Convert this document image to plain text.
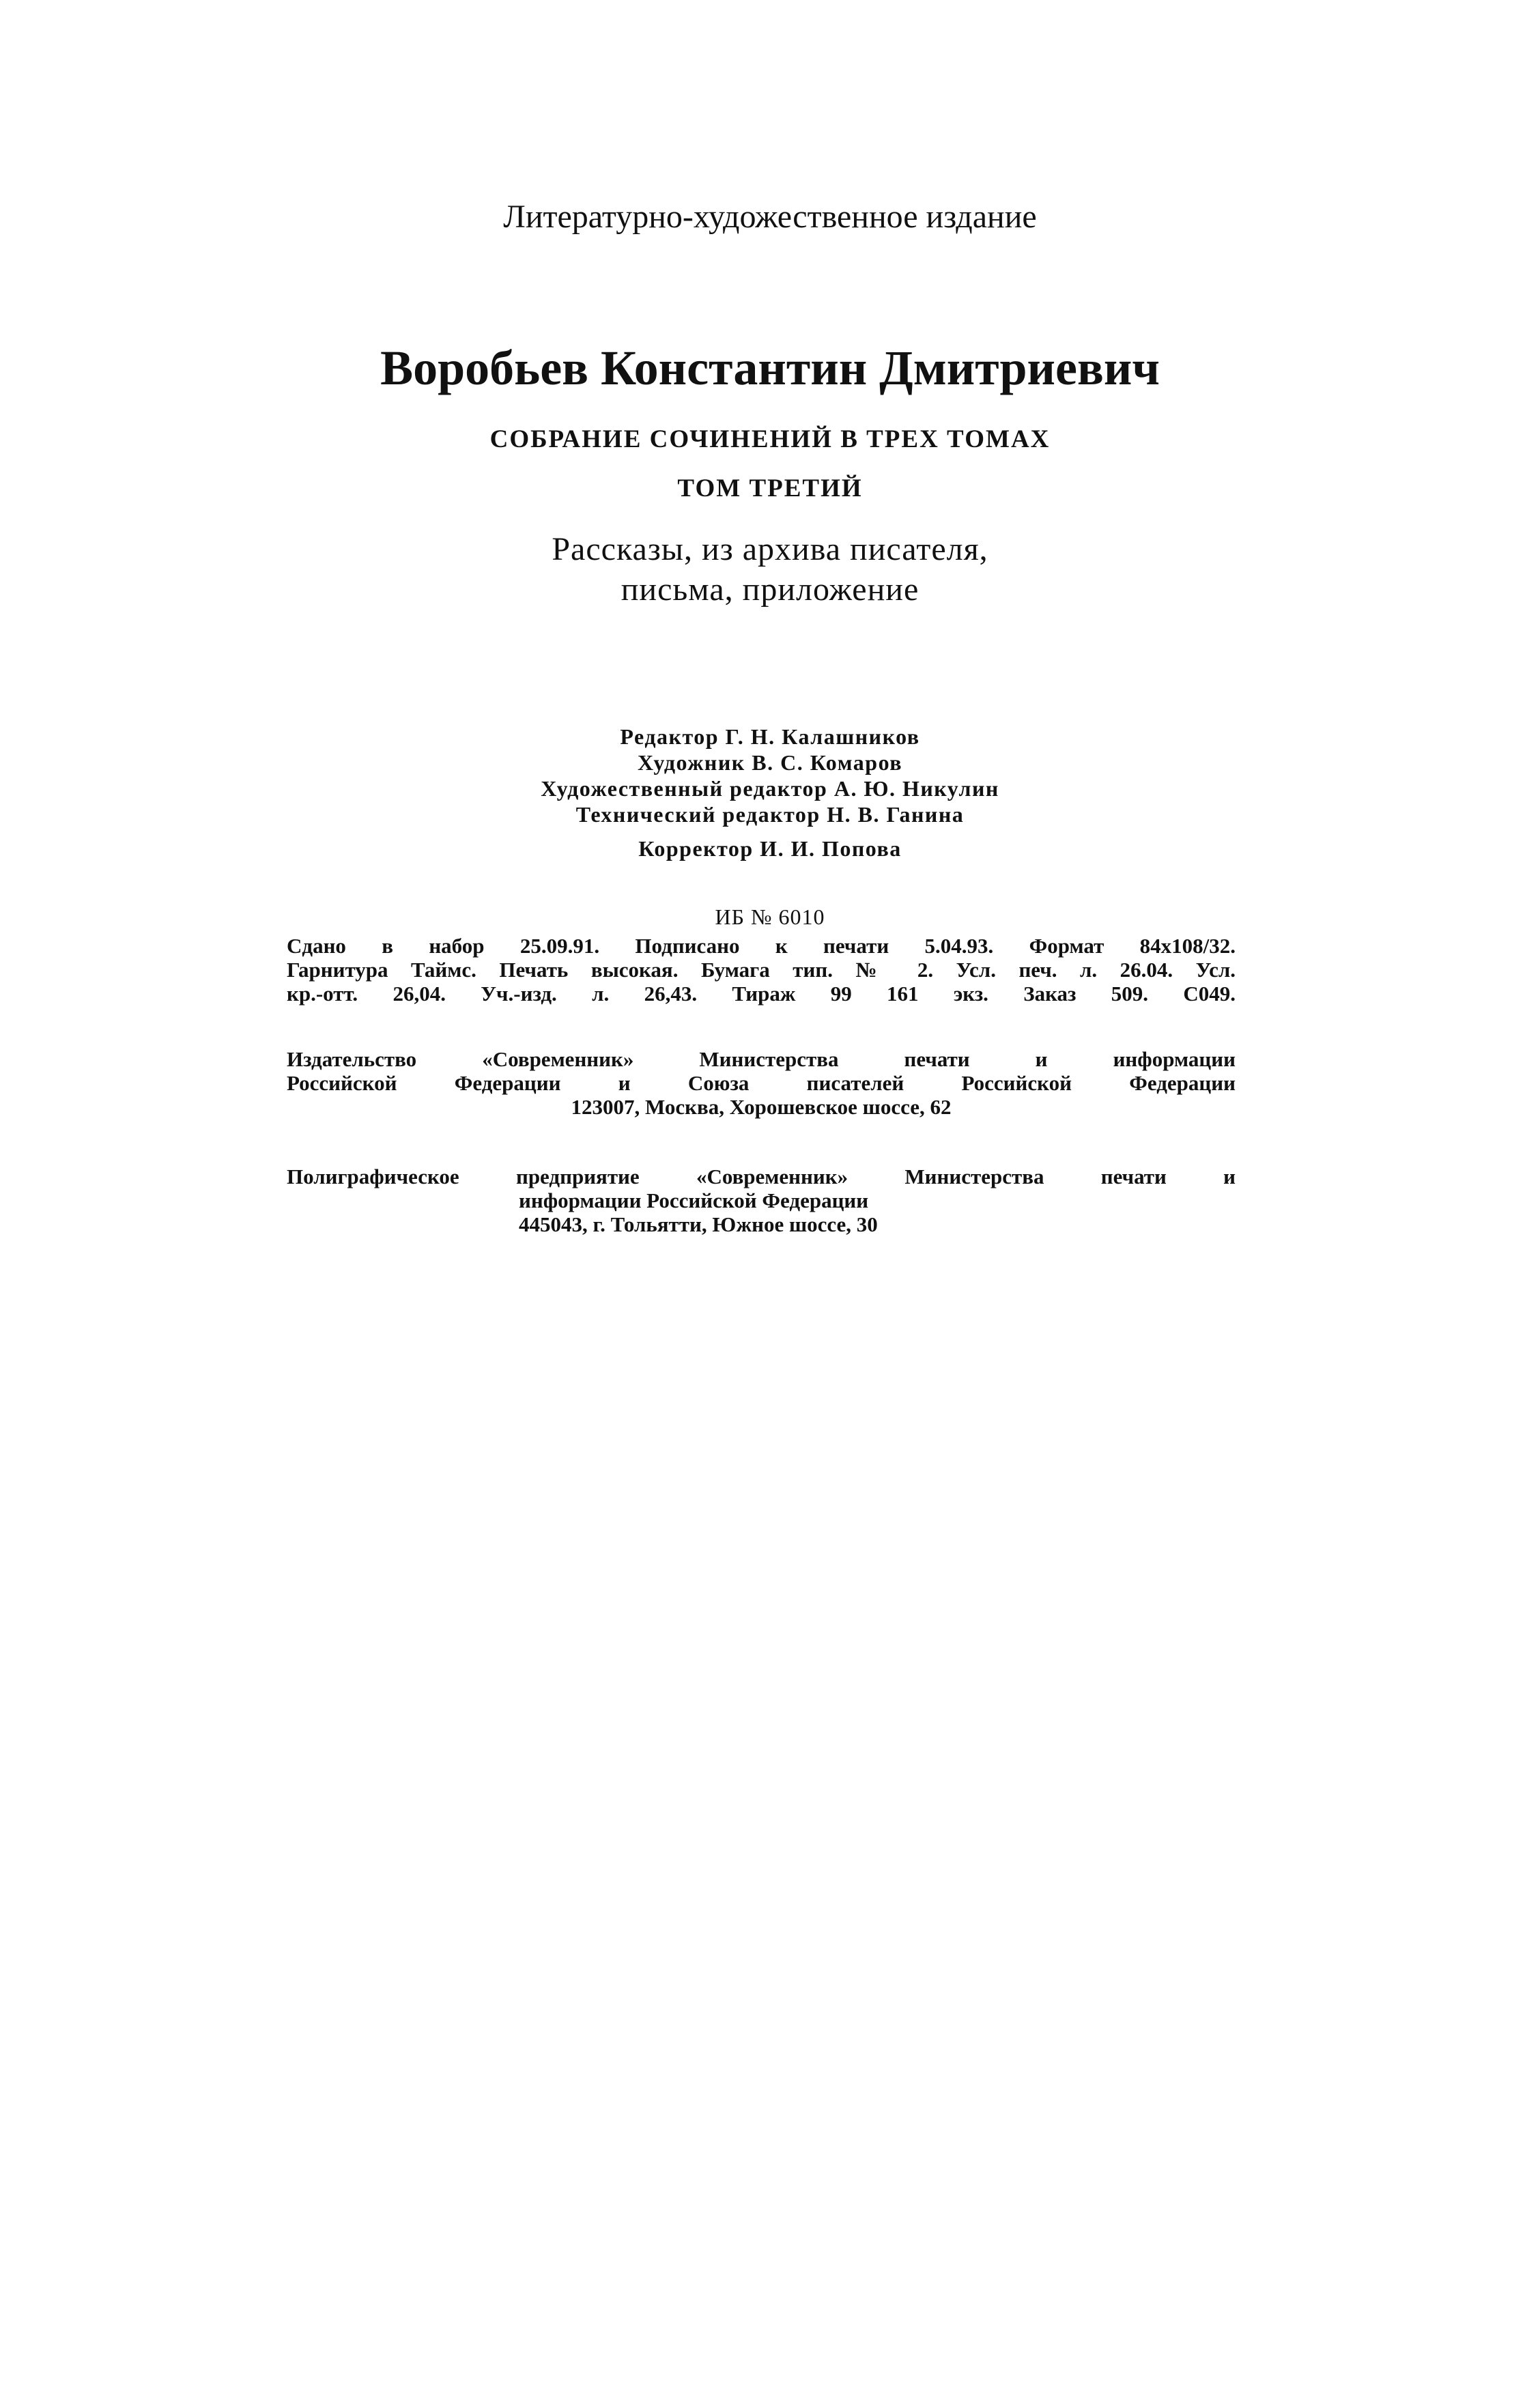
Литературно-художественное издание
Воробьев Константин Дмитриевич
СОБРАНИЕ СОЧИНЕНИЙ В ТРЕХ ТОМАХ
ТОМ ТРЕТИЙ
Рассказы, из архива писателя,
письма, приложение
Редактор Г. Н. Калашников
Художник В. С. Комаров
Художественный редактор А. Ю. Никулин
Технический редактор Н. В. Ганина
Корректор И. И. Попова
ИБ № 6010
Сдано в набор 25.09.91. Подписано к печати 5.04.93. Формат 84х108/32.
Гарнитура Таймс. Печать высокая. Бумага тип. № 2. Усл. печ. л. 26.04. Усл.
кр.-отт. 26,04. Уч.-изд. л. 26,43. Тираж 99 161 экз. Заказ 509. С049.
Издательство «Современник» Министерства печати и информации
Российской Федерации и Союза писателей Российской Федерации
123007, Москва, Хорошевское шоссе, 62
Полиграфическое предприятие «Современник» Министерства печати и
информации Российской Федерации
445043, г. Тольятти, Южное шоссе, 30
